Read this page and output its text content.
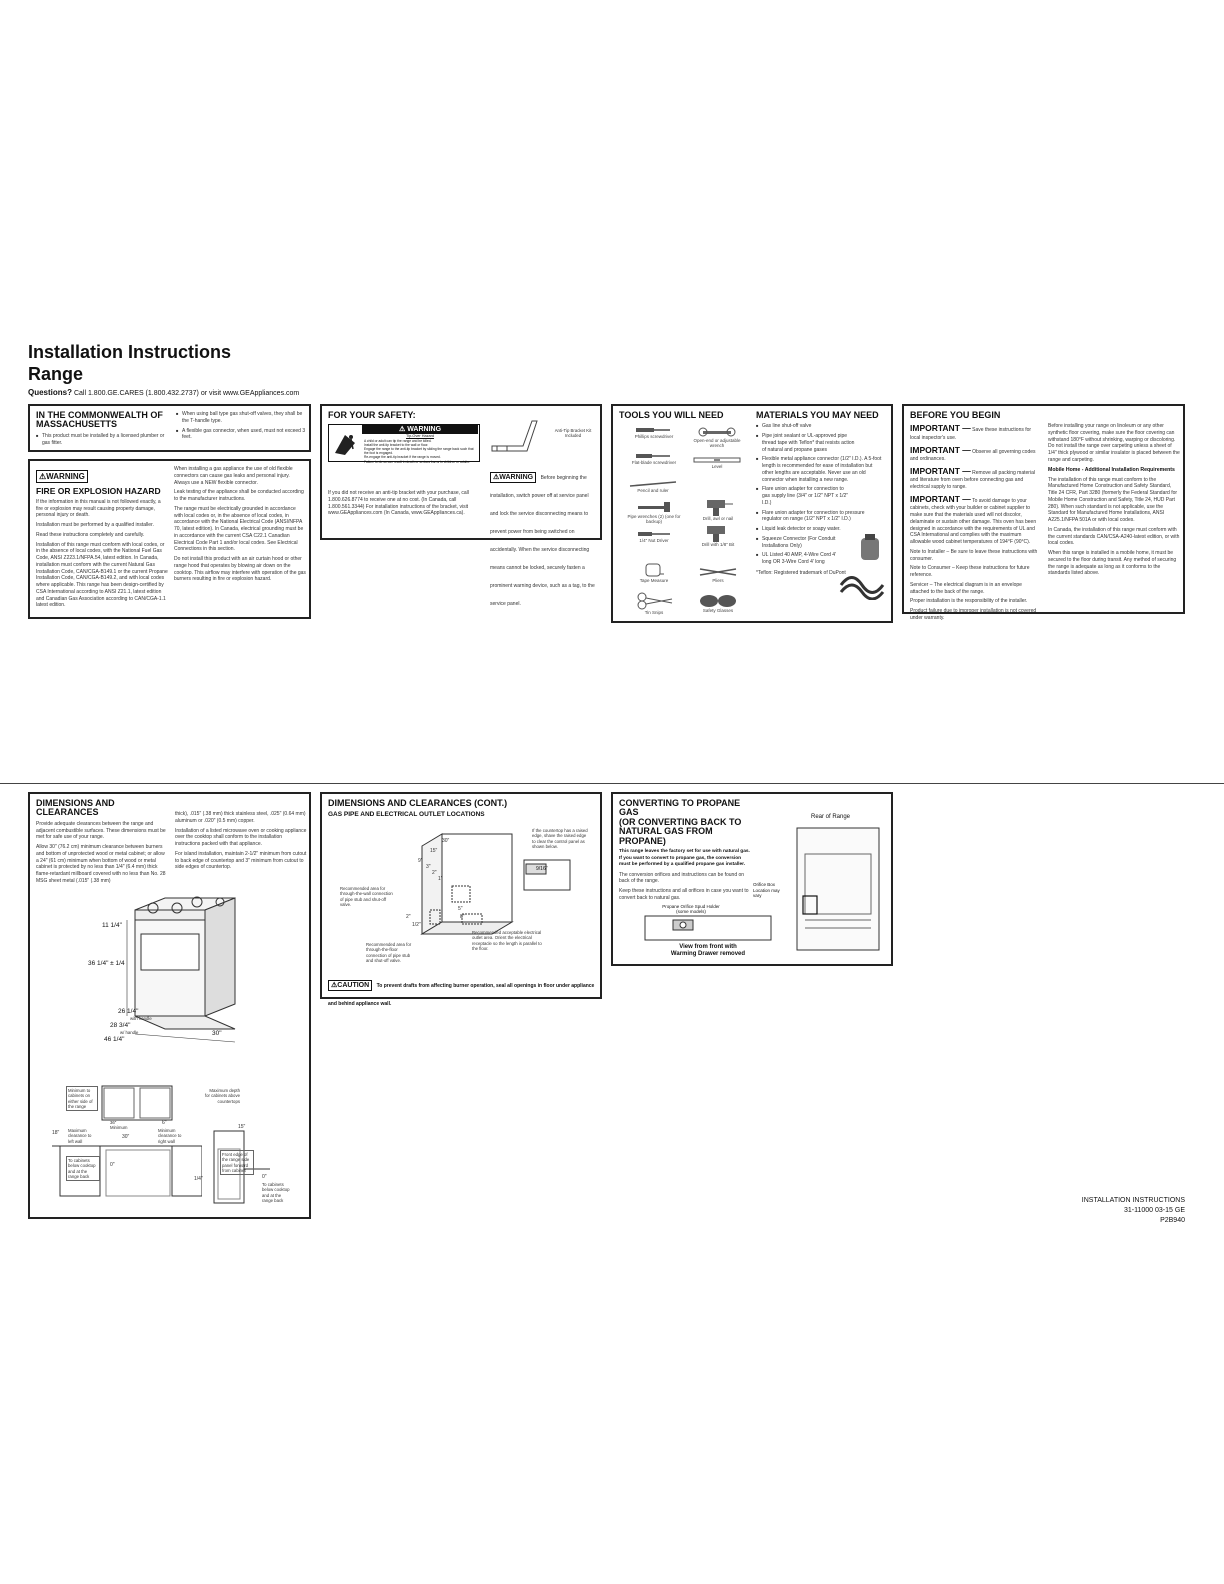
Installation Instructions
Range
Questions? Call 1.800.GE.CARES (1.800.432.2737) or visit www.GEAppliances.com
IN THE COMMONWEALTH OF MASSACHUSETTS
■ This product must be installed by a licensed plumber or gas fitter.
■ When using ball type gas shut-off valves, they shall be the T-handle type.
■ A flexible gas connector, when used, must not exceed 3 feet.
⚠WARNING
FIRE OR EXPLOSION HAZARD
If the information in this manual is not followed exactly, a fire or explosion may result causing property damage, personal injury or death.
Installation must be performed by a qualified installer.
Read these instructions completely and carefully.
Installation of this range must conform with local codes, or in the absence of local codes, with the National Fuel Gas Code, ANSI Z223.1/NFPA.54, latest edition. In Canada, installation must conform with the current Natural Gas Installation Code, CAN/CGA-B149.1 or the current Propane Installation Code, CAN/CGA-B149.2, and with local codes where applicable. This range has been design-certified by CSA International according to ANSI Z21.1, latest edition and Canadian Gas Association according to CAN/CGA-1.1 latest edition.
When installing a gas appliance the use of old flexible connectors can cause gas leaks and personal injury. Always use a NEW flexible connector.
Leak testing of the appliance shall be conducted according to the manufacturer instructions.
The range must be electrically grounded in accordance with local codes or, in the absence of local codes, in accordance with the National Electrical Code (ANSI/NFPA 70, latest edition). In Canada, electrical grounding must be in accordance with the current CSA C22.1 Canadian Electrical Code Part 1 and/or local codes. See Electrical Connections in this section.
Do not install this product with an air curtain hood or other range hood that operates by blowing air down on the cooktop. This airflow may interfere with operation of the gas burners resulting in fire or explosion hazard.
FOR YOUR SAFETY:
⚠ WARNING
Tip-Over Hazard
A child or adult can tip the range and be killed.
Install the anti-tip bracket to the wall or floor.
Engage the range to the anti-tip bracket by sliding the range back such that the foot is engaged.
Re-engage the anti-tip bracket if the range is moved.
Failure to do so can result in death or serious burns to children or adults.
Anti-Tip Bracket Kit Included
If you did not receive an anti-tip bracket with your purchase, call 1.800.626.8774 to receive one at no cost. (In Canada, call 1.800.561.3344) For installation instructions of the bracket, visit www.GEAppliances.com (In Canada, www.GEAppliances.ca).
⚠WARNING Before beginning the installation, switch power off at service panel and lock the service disconnecting means to prevent power from being switched on accidentally. When the service disconnecting means cannot be locked, securely fasten a prominent warning device, such as a tag, to the service panel.
TOOLS YOU WILL NEED
Phillips screwdriver
Open-end or adjustable wrench
Flat-blade screwdriver
Level
Pencil and ruler
Pipe wrenches (2) (one for backup)
Drill, awl or nail
1/4" Nut Driver
Drill with 1/8" Bit
Tape Measure	Pliers
Tin Snips	Safety Glasses
MATERIALS YOU MAY NEED
■ Gas line shut-off valve
■ Pipe joint sealant or UL-approved pipe thread tape with Teflon* that resists action of natural and propane gases
■ Flexible metal appliance connector (1/2" I.D.). A 5-foot length is recommended for ease of installation but other lengths are acceptable. Never use an old connector when installing a new range.
■ Flare union adapter for connection to gas supply line (3/4" or 1/2" NPT x 1/2" I.D.)
■ Flare union adapter for connection to pressure regulator on range (1/2" NPT x 1/2" I.D.)
■ Liquid leak detector or soapy water.
■ Squeeze Connector (For Conduit Installations Only)
■ UL Listed 40 AMP, 4-Wire Cord 4' long OR 3-Wire Cord 4' long
*Teflon: Registered trademark of DuPont
BEFORE YOU BEGIN
IMPORTANT — Save these instructions for local inspector's use.
IMPORTANT — Observe all governing codes and ordinances.
IMPORTANT — Remove all packing material and literature from oven before connecting gas and electrical supply to range.
IMPORTANT — To avoid damage to your cabinets, check with your builder or cabinet supplier to make sure that the materials used will not discolor, delaminate or sustain other damage. This oven has been designed in accordance with the requirements of UL and CSA International and complies with the maximum allowable wood cabinet temperatures of 194°F (90°C).
Note to Installer – Be sure to leave these instructions with consumer.
Note to Consumer – Keep these instructions for future reference.
Servicer – The electrical diagram is in an envelope attached to the back of the range.
Proper installation is the responsibility of the installer.
Product failure due to improper installation is not covered under warranty.
Before installing your range on linoleum or any other synthetic floor covering, make sure the floor covering can withstand 180°F without shrinking, warping or discoloring. Do not install the range over carpeting unless a sheet of 1/4" thick plywood or similar insulator is placed between the range and carpeting.
Mobile Home - Additional Installation Requirements
The installation of this range must conform to the Manufactured Home Construction and Safety Standard, Title 24 CFR, Part 3280 (formerly the Federal Standard for Mobile Home Construction and Safety, Title 24, HUD Part 280). When such standard is not applicable, use the Standard for Manufactured Home Installations, ANSI A225.1/NFPA 501A or with local codes.
In Canada, the installation of this range must conform with the current standards CAN/CSA-A240-latest edition, or with local codes.
When this range is installed in a mobile home, it must be secured to the floor during transit. Any method of securing the range is adequate as long as it conforms to the standards listed above.
DIMENSIONS AND CLEARANCES
Provide adequate clearances between the range and adjacent combustible surfaces. These dimensions must be met for safe use of your range.
Allow 30" (76.2 cm) minimum clearance between burners and bottom of unprotected wood or metal cabinet; or allow a 24" (61 cm) minimum when bottom of wood or metal cabinet is protected by no less than 1/4" (6.4 mm) thick flame-retardant millboard covered with no less than No. 28 MSG sheet metal (.015" (.38 mm)
thick), .015" (.38 mm) thick stainless steel, .025" (0.64 mm) aluminum or .020" (0.5 mm) copper.
Installation of a listed microwave oven or cooking appliance over the cooktop shall conform to the installation instructions packed with that appliance.
For island installation, maintain 2-1/2" minimum from cutout to back edge of countertop and 3" minimum from cutout to side edges of countertop.
11 1/4"
36 1/4" ± 1/4
26 1/4"
with handle
28 3/4"
w/ handle
46 1/4"
30"
Minimum to cabinets on either side of the range
Maximum depth for cabinets above countertops
30"
18" Maximum clearance to left wall
36" Minimum
6"
Minimum clearance to right wall
15"
To cabinets below cooktop and at the range back
0"
Front edge of the range side panel forward from cabinet
1/4"	0"
To cabinets below cooktop and at the range back
DIMENSIONS AND CLEARANCES (CONT.)
GAS PIPE AND ELECTRICAL OUTLET LOCATIONS
If the countertop has a raised edge, shave the raised edge to clear the control panel as shown below.
9/16"
Recommended area for through-the-wall connection of pipe stub and shut-off valve.
Recommended area for through-the-floor connection of pipe stub and shut-off valve.
Recommended acceptable electrical outlet area. Orient the electrical receptacle so the length is parallel to the floor.
30"
15"
9"
3"
2"
1"
2"
1/2"
5"
8"
⚠CAUTION To prevent drafts from affecting burner operation, seal all openings in floor under appliance and behind appliance wall.
CONVERTING TO PROPANE GAS
(OR CONVERTING BACK TO
NATURAL GAS FROM PROPANE)
This range leaves the factory set for use with natural gas. If you want to convert to propane gas, the conversion must be performed by a qualified propane gas installer.
The conversion orifices and instructions can be found on back of the range.
Keep these instructions and all orifices in case you want to convert back to natural gas.
Propane Orifice Spud Holder (some models)
View from front with
Warming Drawer removed
Rear of Range
Orifice Box Location may vary
INSTALLATION INSTRUCTIONS
31-11000 03-15 GE
P2B940
